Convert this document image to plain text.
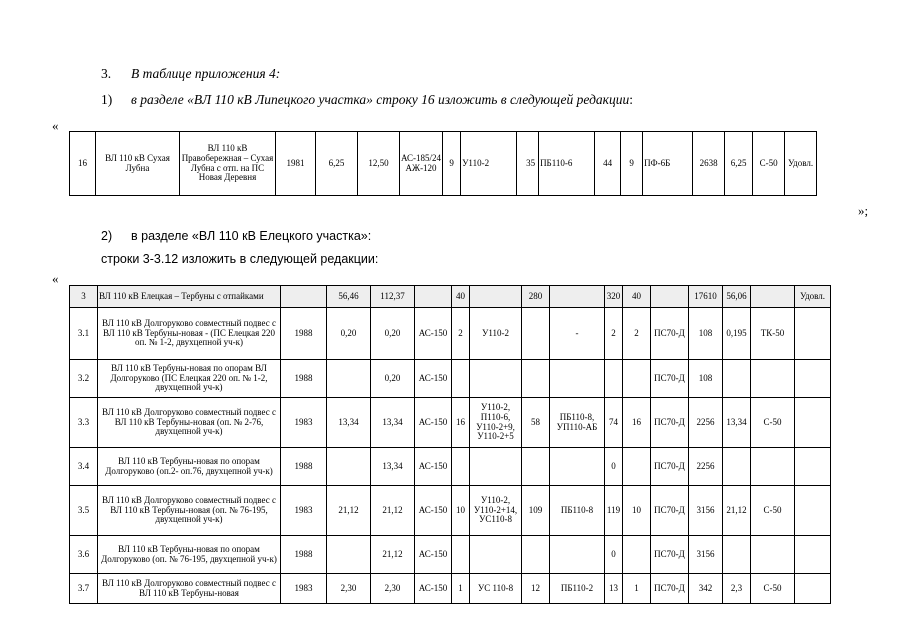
3. В таблице приложения 4:
1) в разделе «ВЛ 110 кВ Липецкого участка» строку 16 изложить в следующей редакции:
«
16	ВЛ 110 кВ Сухая Лубна	ВЛ 110 кВ Правобережная – Сухая Лубна с отп. на ПС Новая Деревня	1981	6,25	12,50	АС-185/24 АЖ-120	9	У110-2	35	ПБ110-6	44	9	ПФ-6Б	2638	6,25	С-50	Удовл.
»;
2) в разделе «ВЛ 110 кВ Елецкого участка»:
строки 3-3.12 изложить в следующей редакции:
«
3	ВЛ 110 кВ Елецкая – Тербуны с отпайками		56,46	112,37		40		280		320	40		17610	56,06		Удовл.
3.1	ВЛ 110 кВ Долгоруково совместный подвес с ВЛ 110 кВ Тербуны-новая - (ПС Елецкая 220 оп. № 1-2, двухцепной уч-к)	1988	0,20	0,20	АС-150	2	У110-2		-	2	2	ПС70-Д	108	0,195	ТК-50	
3.2	ВЛ 110 кВ Тербуны-новая по опорам ВЛ Долгоруково (ПС Елецкая 220 оп. № 1-2, двухцепной уч-к)	1988		0,20	АС-150							ПС70-Д	108			
3.3	ВЛ 110 кВ Долгоруково совместный подвес с ВЛ 110 кВ Тербуны-новая (оп. № 2-76, двухцепной уч-к)	1983	13,34	13,34	АС-150	16	У110-2, П110-6, У110-2+9, У110-2+5	58	ПБ110-8, УП110-АБ	74	16	ПС70-Д	2256	13,34	С-50	
3.4	ВЛ 110 кВ Тербуны-новая по опорам Долгоруково (оп.2- оп.76, двухцепной уч-к)	1988		13,34	АС-150					0		ПС70-Д	2256			
3.5	ВЛ 110 кВ Долгоруково совместный подвес с ВЛ 110 кВ Тербуны-новая (оп. № 76-195, двухцепной уч-к)	1983	21,12	21,12	АС-150	10	У110-2, У110-2+14, УС110-8	109	ПБ110-8	119	10	ПС70-Д	3156	21,12	С-50	
3.6	ВЛ 110 кВ Тербуны-новая по опорам Долгоруково (оп. № 76-195, двухцепной уч-к)	1988		21,12	АС-150					0		ПС70-Д	3156			
3.7	ВЛ 110 кВ Долгоруково совместный подвес с ВЛ 110 кВ Тербуны-новая	1983	2,30	2,30	АС-150	1	УС 110-8	12	ПБ110-2	13	1	ПС70-Д	342	2,3	С-50	
